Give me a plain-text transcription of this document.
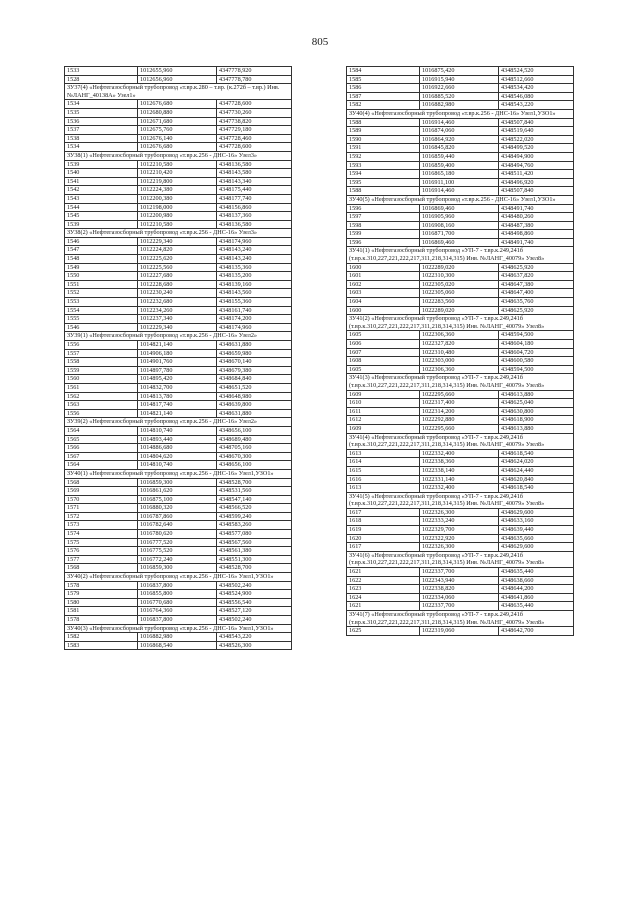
805
1533	1012655,960	4347778,920
1528	1012656,960	4347778,780
ЗУ37(4) «Нефтегазосборный трубопровод «т.вр.к.280 – т.вр. (к.272б – т.вр.) Инв. №ЛАНГ_40138А» Узел1»		
1534	1012676,680	4347728,600
1535	1012680,880	4347730,260
1536	1012671,680	4347738,820
1537	1012675,760	4347729,180
1538	1012676,140	4347728,460
1534	1012676,680	4347728,600
ЗУ38(1) «Нефтегазосборный трубопровод «т.вр.к.256 - ДНС-16» Узел3»		
1539	1012210,580	4348136,580
1540	1012210,420	4348143,580
1541	1012219,800	4348143,340
1542	1012224,380	4348175,440
1543	1012200,380	4348177,740
1544	1012198,000	4348156,860
1545	1012200,980	4348137,360
1539	1012210,580	4348136,580
ЗУ38(2) «Нефтегазосборный трубопровод «т.вр.к.256 - ДНС-16» Узел3»		
1546	1012229,340	4348174,960
1547	1012224,820	4348143,240
1548	1012225,620	4348143,240
1549	1012225,560	4348135,360
1550	1012227,680	4348135,200
1551	1012228,680	4348139,160
1552	1012230,240	4348143,560
1553	1012232,680	4348155,360
1554	1012234,260	4348161,740
1555	1012237,340	4348174,200
1546	1012229,340	4348174,960
ЗУ39(1) «Нефтегазосборный трубопровод «т.вр.к.256 - ДНС-16» Узел2»		
1556	1014821,140	4348631,880
1557	1014906,180	4348659,980
1558	1014901,760	4348670,140
1559	1014897,780	4348679,380
1560	1014895,420	4348684,840
1561	1014832,700	4348651,520
1562	1014813,780	4348648,980
1563	1014817,740	4348639,800
1556	1014821,140	4348631,880
ЗУ39(2) «Нефтегазосборный трубопровод «т.вр.к.256 - ДНС-16» Узел2»		
1564	1014810,740	4348656,100
1565	1014893,440	4348689,480
1566	1014886,680	4348705,160
1567	1014804,620	4348670,300
1564	1014810,740	4348656,100
ЗУ40(1) «Нефтегазосборный трубопровод «т.вр.к.256 - ДНС-16» Узел1,УЗО1»		
1568	1016859,300	4348528,700
1569	1016861,620	4348531,560
1570	1016875,100	4348547,140
1571	1016880,320	4348566,520
1572	1016787,860	4348599,240
1573	1016782,640	4348583,260
1574	1016780,620	4348577,080
1575	1016777,520	4348567,560
1576	1016775,520	4348561,380
1577	1016772,240	4348551,300
1568	1016859,300	4348528,700
ЗУ40(2) «Нефтегазосборный трубопровод «т.вр.к.256 - ДНС-16» Узел1,УЗО1»		
1578	1016837,800	4348502,240
1579	1016855,800	4348524,900
1580	1016770,680	4348556,540
1581	1016764,360	4348527,120
1578	1016837,800	4348502,240
ЗУ40(3) «Нефтегазосборный трубопровод «т.вр.к.256 - ДНС-16» Узел1,УЗО1»		
1582	1016882,980	4348543,220
1583	1016868,540	4348526,300
1584	1016875,420	4348524,520
1585	1016915,940	4348512,660
1586	1016922,660	4348534,420
1587	1016885,520	4348546,080
1582	1016882,980	4348543,220
ЗУ40(4) «Нефтегазосборный трубопровод «т.вр.к.256 - ДНС-16» Узел1,УЗО1»		
1588	1016914,460	4348507,840
1589	1016874,060	4348519,640
1590	1016864,920	4348522,020
1591	1016845,820	4348499,520
1592	1016859,440	4348494,900
1593	1016859,400	4348494,760
1594	1016865,180	4348511,420
1595	1016911,100	4348496,920
1588	1016914,460	4348507,840
ЗУ40(5) «Нефтегазосборный трубопровод «т.вр.к.256 - ДНС-16» Узел1,УЗО1»		
1596	1016869,460	4348491,740
1597	1016905,960	4348480,260
1598	1016908,160	4348487,380
1599	1016871,700	4348498,860
1596	1016869,460	4348491,740
ЗУ41(1) «Нефтегазосборный трубопровод «УП-7 - т.вр.к.249,241б (т.вр.к.310,227,221,222,217,311,218,314,315) Инв. №ЛАНГ_40079» Узел8»		
1600	1022289,020	4348625,920
1601	1022310,300	4348637,820
1602	1022305,020	4348647,380
1603	1022305,060	4348647,400
1604	1022283,560	4348635,760
1600	1022289,020	4348625,920
ЗУ41(2) «Нефтегазосборный трубопровод «УП-7 - т.вр.к.249,241б (т.вр.к.310,227,221,222,217,311,218,314,315) Инв. №ЛАНГ_40079» Узел8»		
1605	1022306,360	4348594,500
1606	1022327,820	4348604,180
1607	1022310,480	4348604,720
1608	1022303,000	4348600,580
1605	1022306,360	4348594,500
ЗУ41(3) «Нефтегазосборный трубопровод «УП-7 - т.вр.к.249,241б (т.вр.к.310,227,221,222,217,311,218,314,315) Инв. №ЛАНГ_40079» Узел8»		
1609	1022295,660	4348613,880
1610	1022317,400	4348625,040
1611	1022314,200	4348630,800
1612	1022292,880	4348618,900
1609	1022295,660	4348613,880
ЗУ41(4) «Нефтегазосборный трубопровод «УП-7 - т.вр.к.249,241б (т.вр.к.310,227,221,222,217,311,218,314,315) Инв. №ЛАНГ_40079» Узел8»		
1613	1022332,400	4348618,540
1614	1022338,360	4348624,020
1615	1022338,140	4348624,440
1616	1022331,140	4348620,840
1613	1022332,400	4348618,540
ЗУ41(5) «Нефтегазосборный трубопровод «УП-7 - т.вр.к.249,241б (т.вр.к.310,227,221,222,217,311,218,314,315) Инв. №ЛАНГ_40079» Узел8»		
1617	1022326,300	4348629,600
1618	1022333,240	4348633,160
1619	1022329,700	4348639,440
1620	1022322,920	4348635,660
1617	1022326,300	4348629,600
ЗУ41(6) «Нефтегазосборный трубопровод «УП-7 - т.вр.к.249,241б (т.вр.к.310,227,221,222,217,311,218,314,315) Инв. №ЛАНГ_40079» Узел8»		
1621	1022337,700	4348635,440
1622	1022343,940	4348638,660
1623	1022338,820	4348644,200
1624	1022334,060	4348641,860
1621	1022337,700	4348635,440
ЗУ41(7) «Нефтегазосборный трубопровод «УП-7 - т.вр.к.249,241б (т.вр.к.310,227,221,222,217,311,218,314,315) Инв. №ЛАНГ_40079» Узел8»		
1625	1022319,060	4348642,700
